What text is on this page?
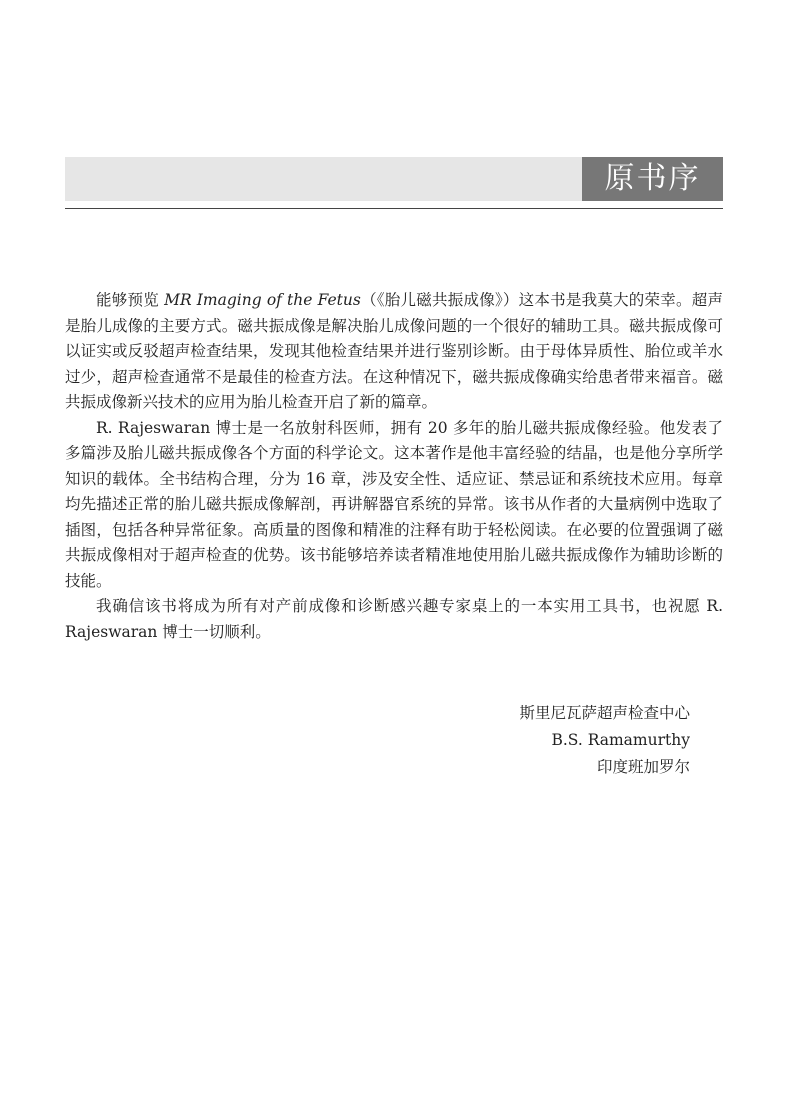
原书序

能够预览 MR Imaging of the Fetus（《胎儿磁共振成像》）这本书是我莫大的荣幸。超声是胎儿成像的主要方式。磁共振成像是解决胎儿成像问题的一个很好的辅助工具。磁共振成像可以证实或反驳超声检查结果，发现其他检查结果并进行鉴别诊断。由于母体异质性、胎位或羊水过少，超声检查通常不是最佳的检查方法。在这种情况下，磁共振成像确实给患者带来福音。磁共振成像新兴技术的应用为胎儿检查开启了新的篇章。

R. Rajeswaran 博士是一名放射科医师，拥有 20 多年的胎儿磁共振成像经验。他发表了多篇涉及胎儿磁共振成像各个方面的科学论文。这本著作是他丰富经验的结晶，也是他分享所学知识的载体。全书结构合理，分为 16 章，涉及安全性、适应证、禁忌证和系统技术应用。每章均先描述正常的胎儿磁共振成像解剖，再讲解器官系统的异常。该书从作者的大量病例中选取了插图，包括各种异常征象。高质量的图像和精准的注释有助于轻松阅读。在必要的位置强调了磁共振成像相对于超声检查的优势。该书能够培养读者精准地使用胎儿磁共振成像作为辅助诊断的技能。

我确信该书将成为所有对产前成像和诊断感兴趣专家桌上的一本实用工具书，也祝愿 R. Rajeswaran 博士一切顺利。

斯里尼瓦萨超声检查中心
B.S. Ramamurthy
印度班加罗尔
